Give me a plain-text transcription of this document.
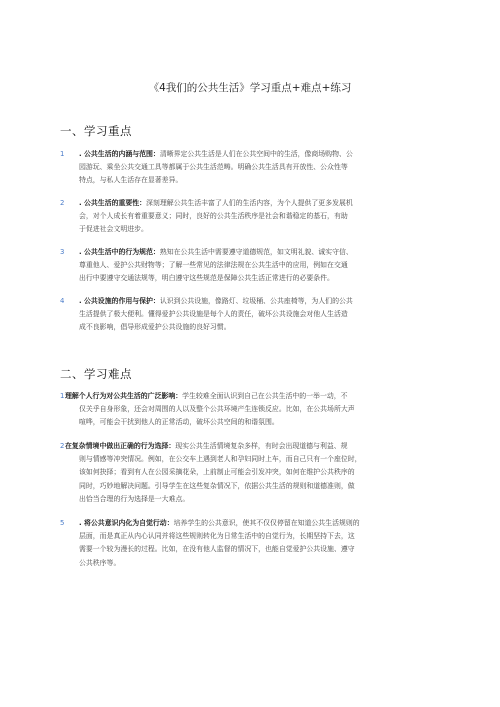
《4我们的公共生活》学习重点+难点+练习
一、学习重点
1	. 公共生活的内涵与范围：清晰界定公共生活是人们在公共空间中的生活，像商场购物、公
园游玩、乘坐公共交通工具等都属于公共生活范畴。明确公共生活具有开放性、公众性等
特点，与私人生活存在显著差异。
2	. 公共生活的重要性：深刻理解公共生活丰富了人们的生活内容，为个人提供了更多发展机
会，对个人成长有着重要意义；同时，良好的公共生活秩序是社会和谐稳定的基石，有助
于促进社会文明进步。
3	. 公共生活中的行为规范：熟知在公共生活中需要遵守道德规范，如文明礼貌、诚实守信、
尊重他人、爱护公共财物等；了解一些常见的法律法规在公共生活中的应用，例如在交通
出行中要遵守交通法规等，明白遵守这些规范是保障公共生活正常进行的必要条件。
4	. 公共设施的作用与保护：认识到公共设施，像路灯、垃圾桶、公共座椅等，为人们的公共
生活提供了极大便利。懂得爱护公共设施是每个人的责任，破坏公共设施会对他人生活造
成不良影响，倡导形成爱护公共设施的良好习惯。
二、学习难点
1 理解个人行为对公共生活的广泛影响：学生较难全面认识到自己在公共生活中的一举一动，不
仅关乎自身形象，还会对周围的人以及整个公共环境产生连锁反应。比如，在公共场所大声
喧哗，可能会干扰到他人的正常活动，破坏公共空间的和谐氛围。
2 在复杂情境中做出正确的行为选择：现实公共生活情境复杂多样，有时会出现道德与利益、规
则与情感等冲突情况。例如，在公交车上遇到老人和孕妇同时上车，而自己只有一个座位时，
该如何抉择；看到有人在公园采摘花朵，上前制止可能会引发冲突，如何在维护公共秩序的
同时，巧妙地解决问题。引导学生在这些复杂情况下，依据公共生活的规则和道德准则，做
出恰当合理的行为选择是一大难点。
5	. 将公共意识内化为自觉行动：培养学生的公共意识，使其不仅仅停留在知道公共生活规则的
层面，而是真正从内心认同并将这些规则转化为日常生活中的自觉行为，长期坚持下去，这
需要一个较为漫长的过程。比如，在没有他人监督的情况下，也能自觉爱护公共设施、遵守
公共秩序等。
